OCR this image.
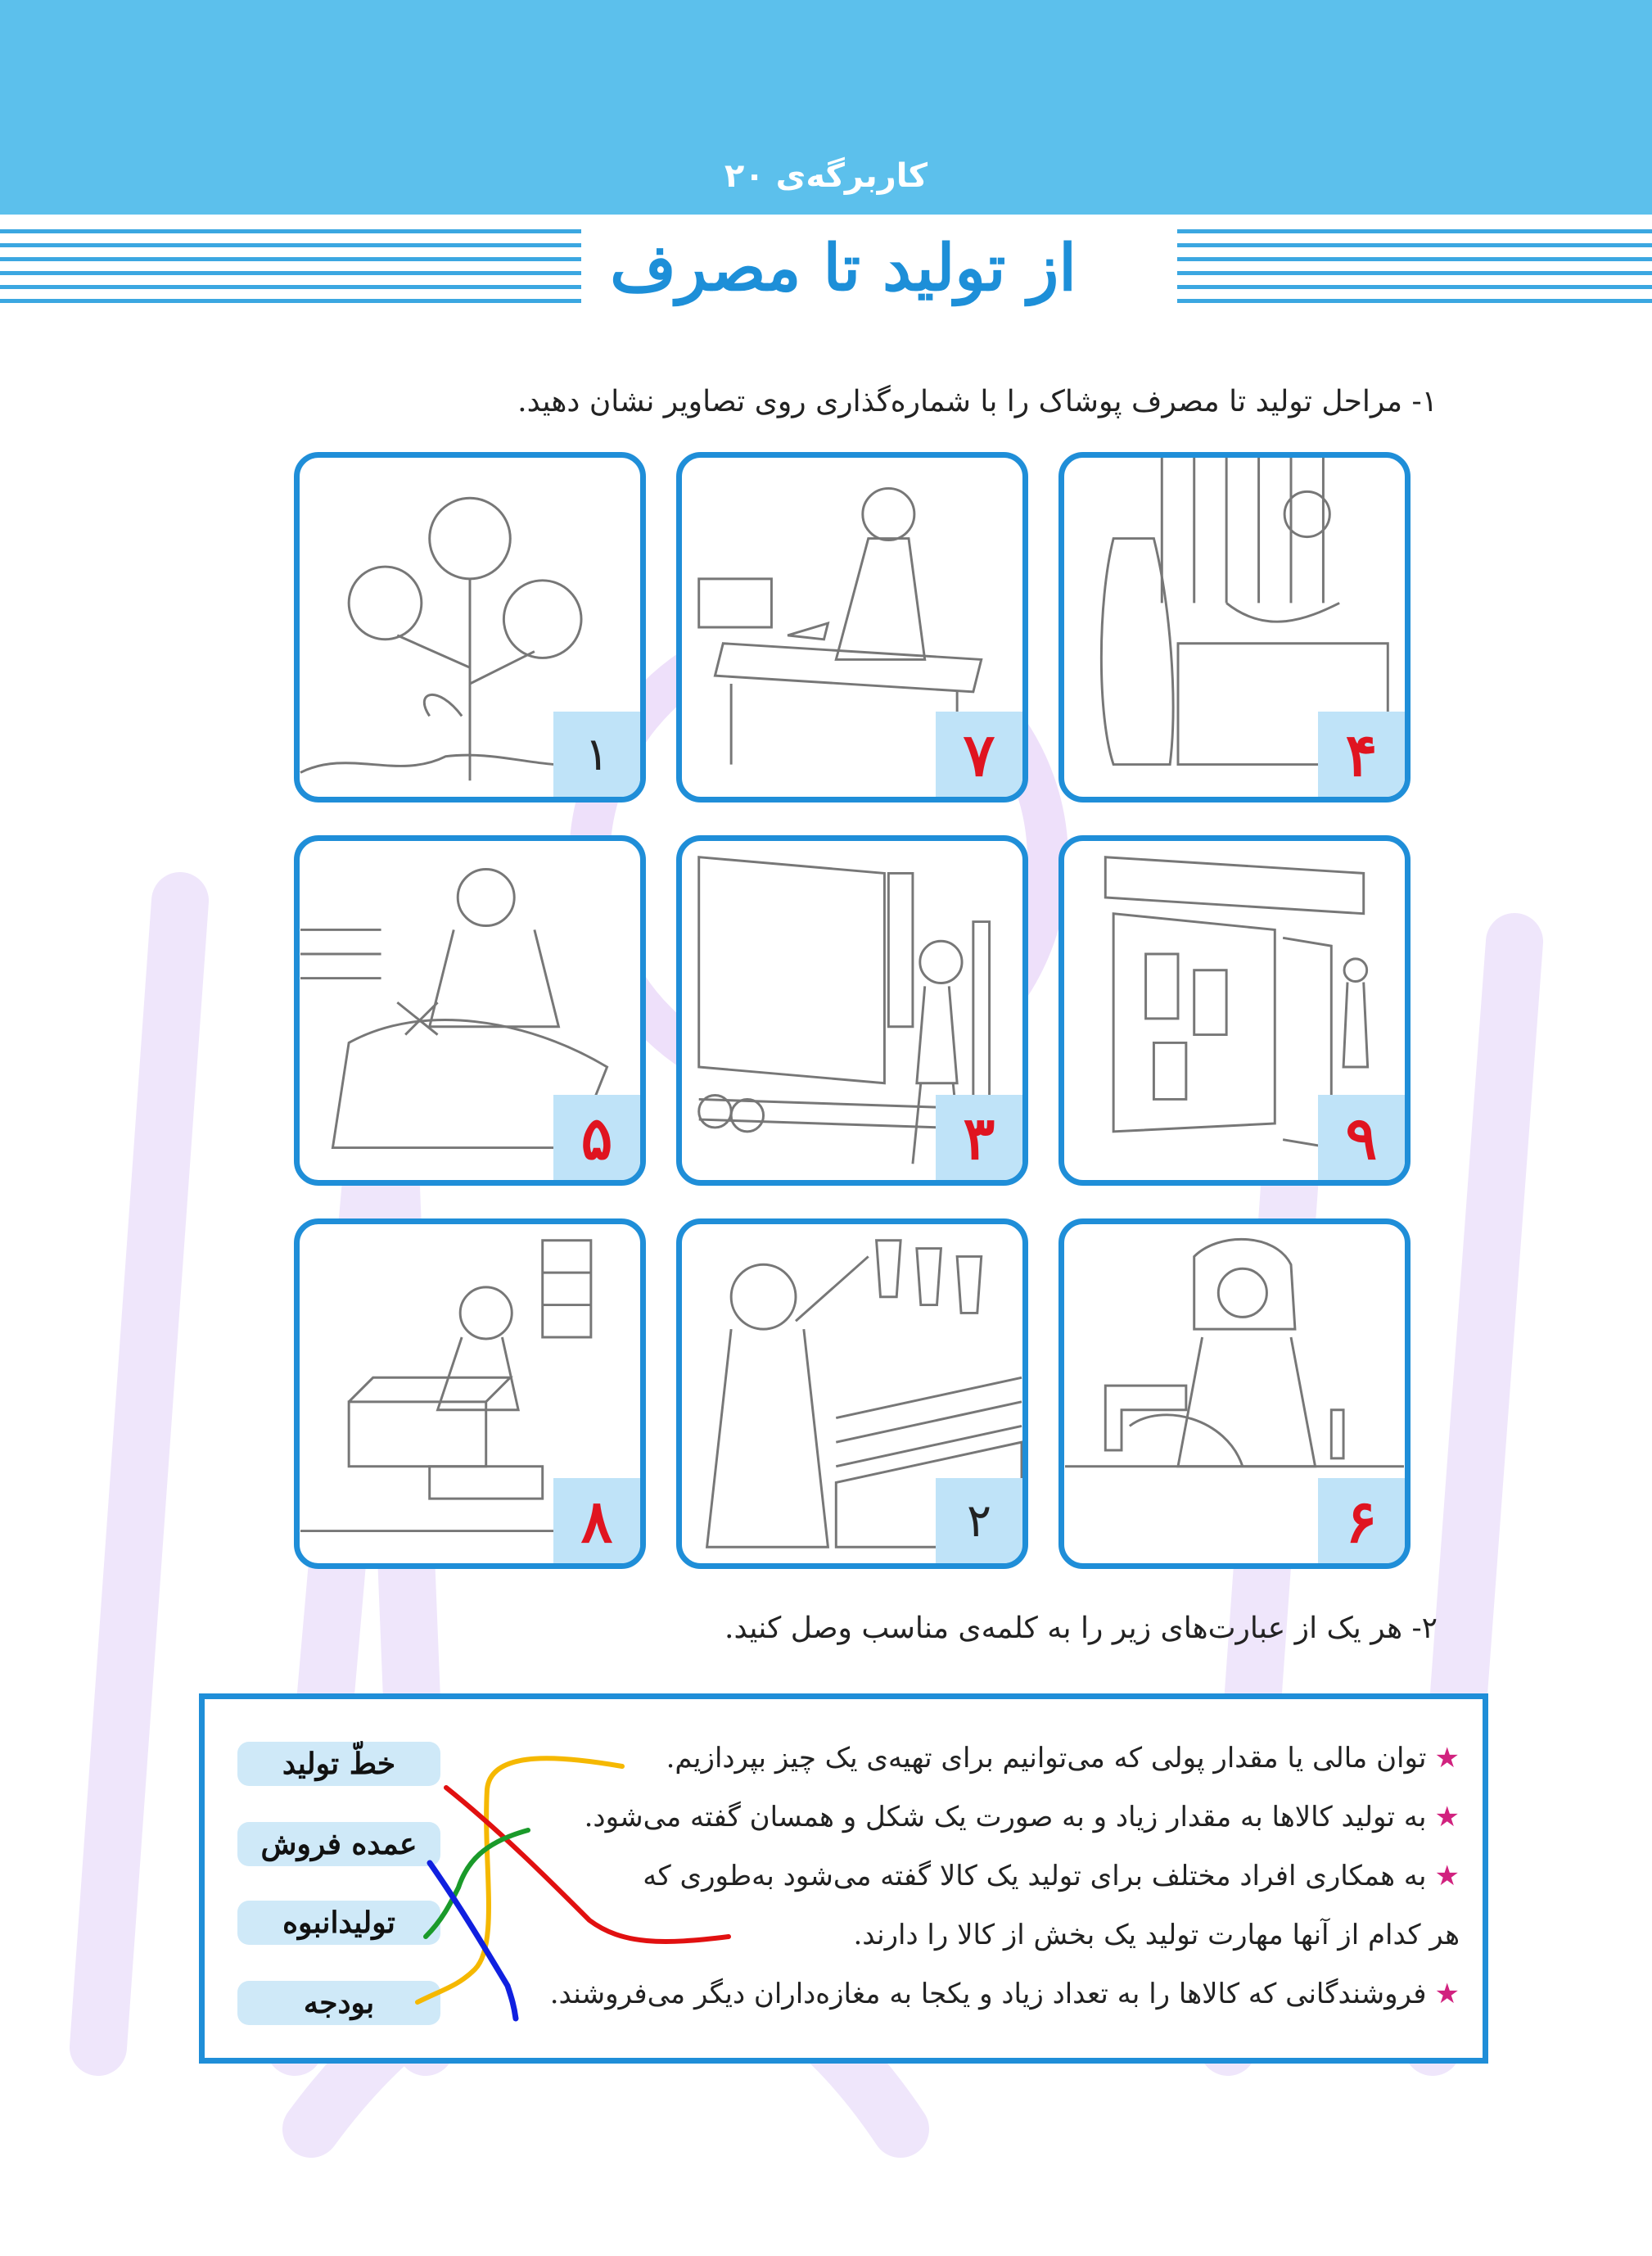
کاربرگه‌ی ۲۰
از تولید تا مصرف
۱- مراحل تولید تا مصرف پوشاک را با شماره‌گذاری روی تصاویر نشان دهید.
۱	۷	۴
۵	۳	۹
۸	۲	۶
۲- هر یک از عبارت‌های زیر را به کلمه‌ی مناسب وصل کنید.
★توان مالی یا مقدار پولی که می‌توانیم برای تهیه‌ی یک چیز بپردازیم.
★به تولید کالاها به مقدار زیاد و به صورت یک شکل و همسان گفته می‌شود.
★به همکاری افراد مختلف برای تولید یک کالا گفته می‌شود به‌طوری که
هر کدام از آنها مهارت تولید یک بخش از کالا را دارند.
★فروشندگانی که کالاها را به تعداد زیاد و یکجا به مغازه‌داران دیگر می‌فروشند.
خطّ تولید
عمده فروش
تولیدانبوه
بودجه
